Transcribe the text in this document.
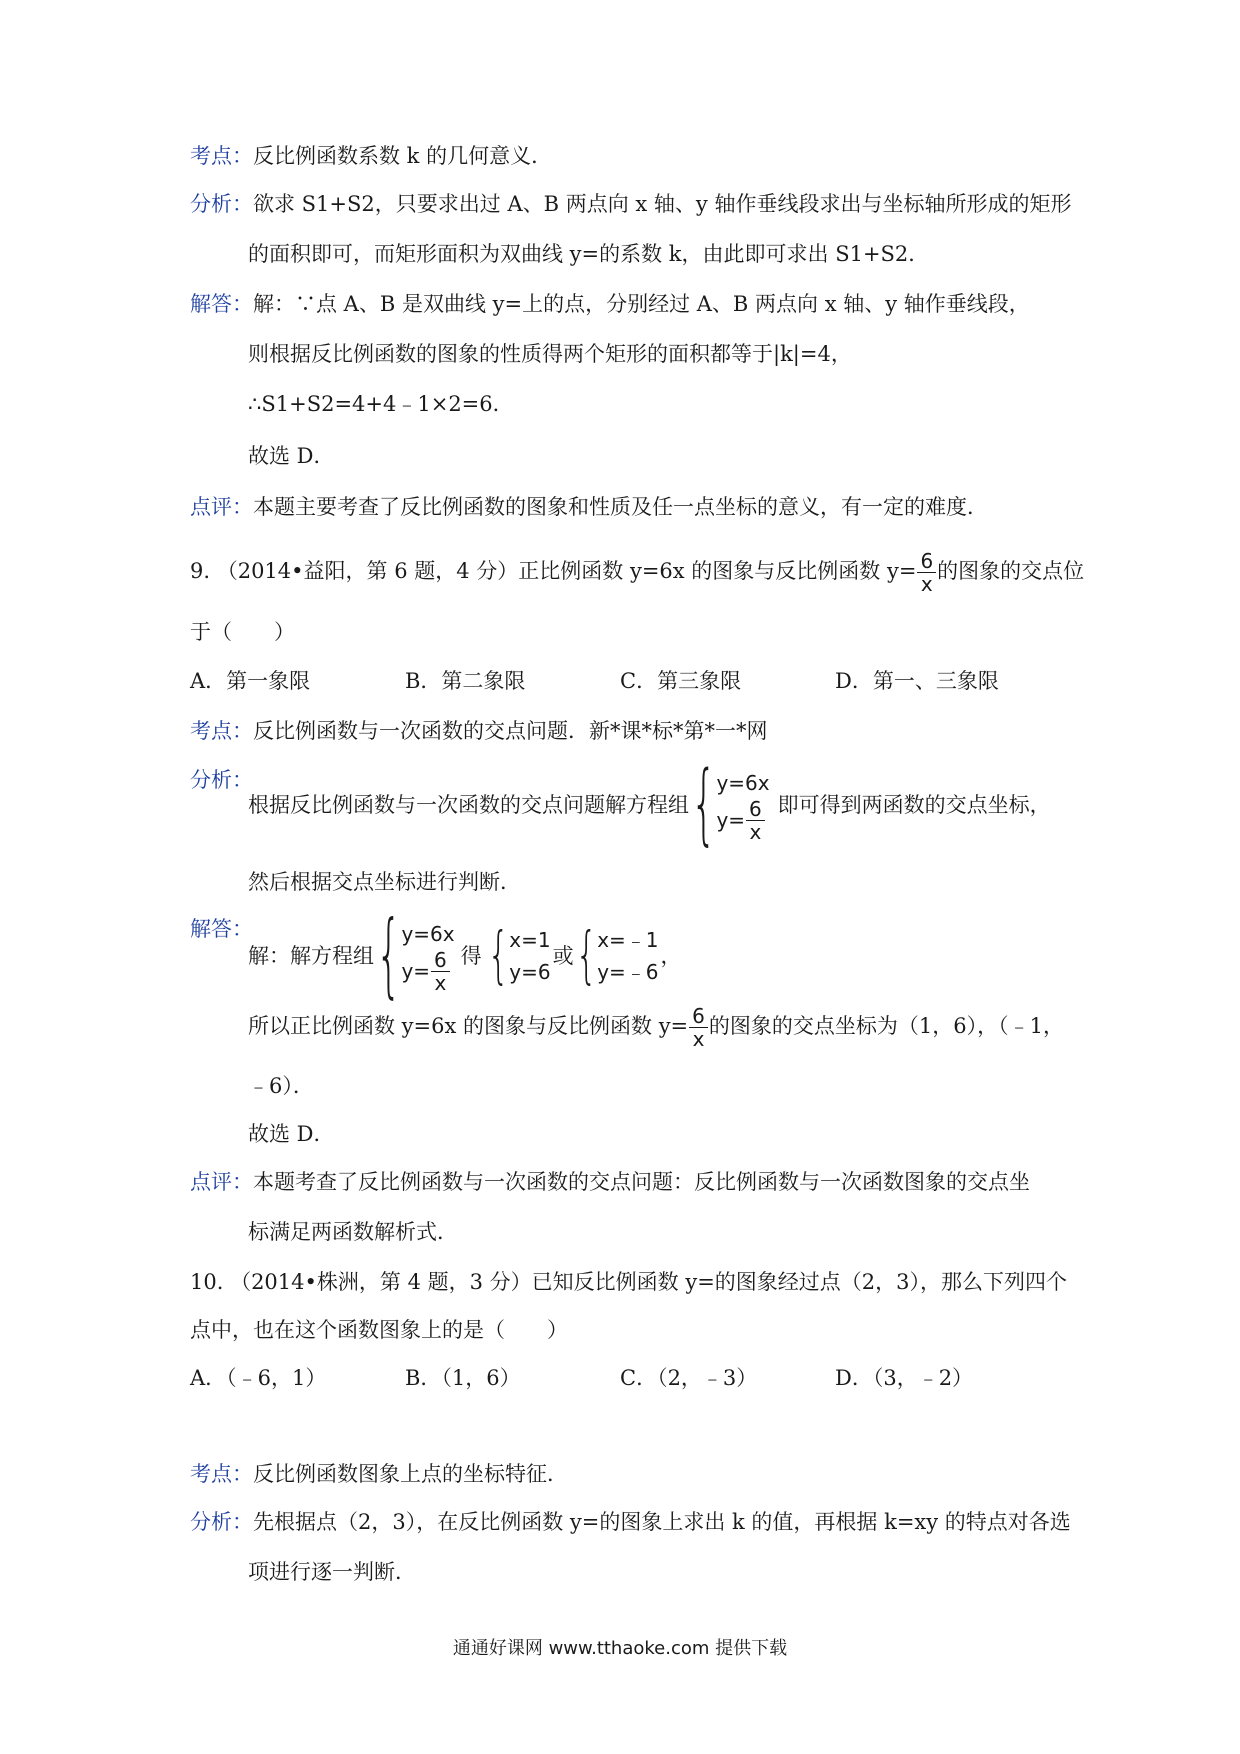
考点：反比例函数系数 k 的几何意义．
分析：欲求 S1+S2，只要求出过 A、B 两点向 x 轴、y 轴作垂线段求出与坐标轴所形成的矩形
的面积即可，而矩形面积为双曲线 y=的系数 k，由此即可求出 S1+S2．
解答：解：∵点 A、B 是双曲线 y=上的点，分别经过 A、B 两点向 x 轴、y 轴作垂线段，
则根据反比例函数的图象的性质得两个矩形的面积都等于|k|=4，
∴S1+S2=4+4﹣1×2=6．
故选 D．
点评：本题主要考查了反比例函数的图象和性质及任一点坐标的意义，有一定的难度．
9. （2014•益阳，第 6 题，4 分）正比例函数 y=6x 的图象与反比例函数 $y= \frac{6}{x}$ 的图象的交点位
于（　　）
A．第一象限	B．第二象限	C．第三象限	D．第一、三象限
考点：反比例函数与一次函数的交点问题．新*课*标*第*一*网
分析：
根据反比例函数与一次函数的交点问题解方程组 { y=6x
$y= \frac{6}{x}$ 即可得到两函数的交点坐标，
然后根据交点坐标进行判断．
解答：
解：解方程组 { y=6x
$y= \frac{6}{x}$ 得 { x=1
y=6
或 { x=﹣1
y=﹣6
，
所以正比例函数 y=6x 的图象与反比例函数 $y= \frac{6}{x}$ 的图象的交点坐标为（1，6），（﹣1，
﹣6）．
故选 D．
点评：本题考查了反比例函数与一次函数的交点问题：反比例函数与一次函数图象的交点坐
标满足两函数解析式．
10. （2014•株洲，第 4 题，3 分）已知反比例函数 y=的图象经过点（2，3），那么下列四个
点中，也在这个函数图象上的是（　　）
A．（﹣6，1）	B．（1，6）	C．（2，﹣3）	D．（3，﹣2）
考点：反比例函数图象上点的坐标特征．
分析：先根据点（2，3），在反比例函数 y=的图象上求出 k 的值，再根据 k=xy 的特点对各选
项进行逐一判断．
通通好课网 www.tthaoke.com 提供下载
